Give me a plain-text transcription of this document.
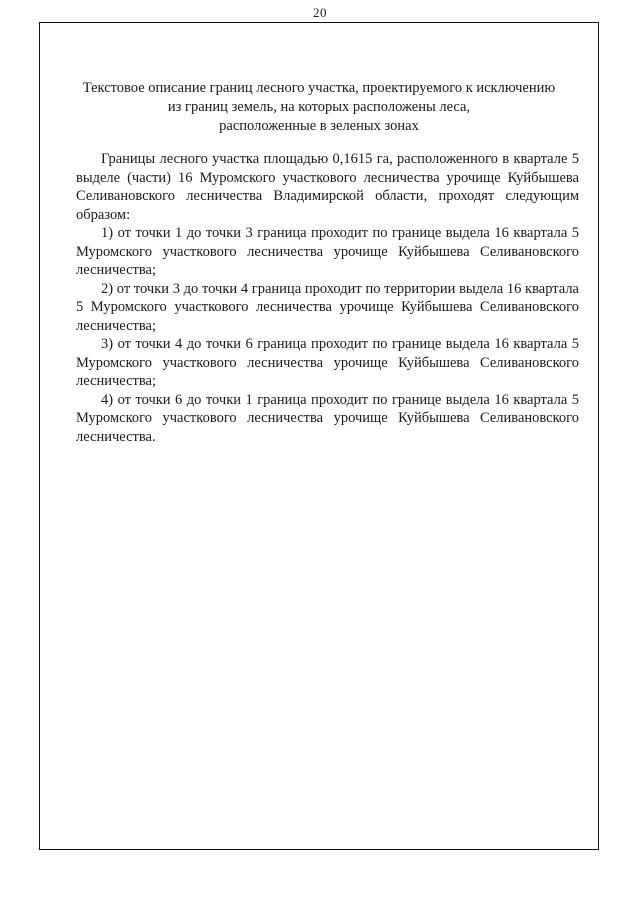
20
Текстовое описание границ лесного участка, проектируемого к исключению
из границ земель, на которых расположены леса,
расположенные в зеленых зонах

Границы лесного участка площадью 0,1615 га, расположенного в квартале 5 выделе (части) 16 Муромского участкового лесничества урочище Куйбышева Селивановского лесничества Владимирской области, проходят следующим образом:

1) от точки 1 до точки 3 граница проходит по границе выдела 16 квартала 5 Муромского участкового лесничества урочище Куйбышева Селивановского лесничества;

2) от точки 3 до точки 4 граница проходит по территории выдела 16 квартала 5 Муромского участкового лесничества урочище Куйбышева Селивановского лесничества;

3) от точки 4 до точки 6 граница проходит по границе выдела 16 квартала 5 Муромского участкового лесничества урочище Куйбышева Селивановского лесничества;

4) от точки 6 до точки 1 граница проходит по границе выдела 16 квартала 5 Муромского участкового лесничества урочище Куйбышева Селивановского лесничества.
